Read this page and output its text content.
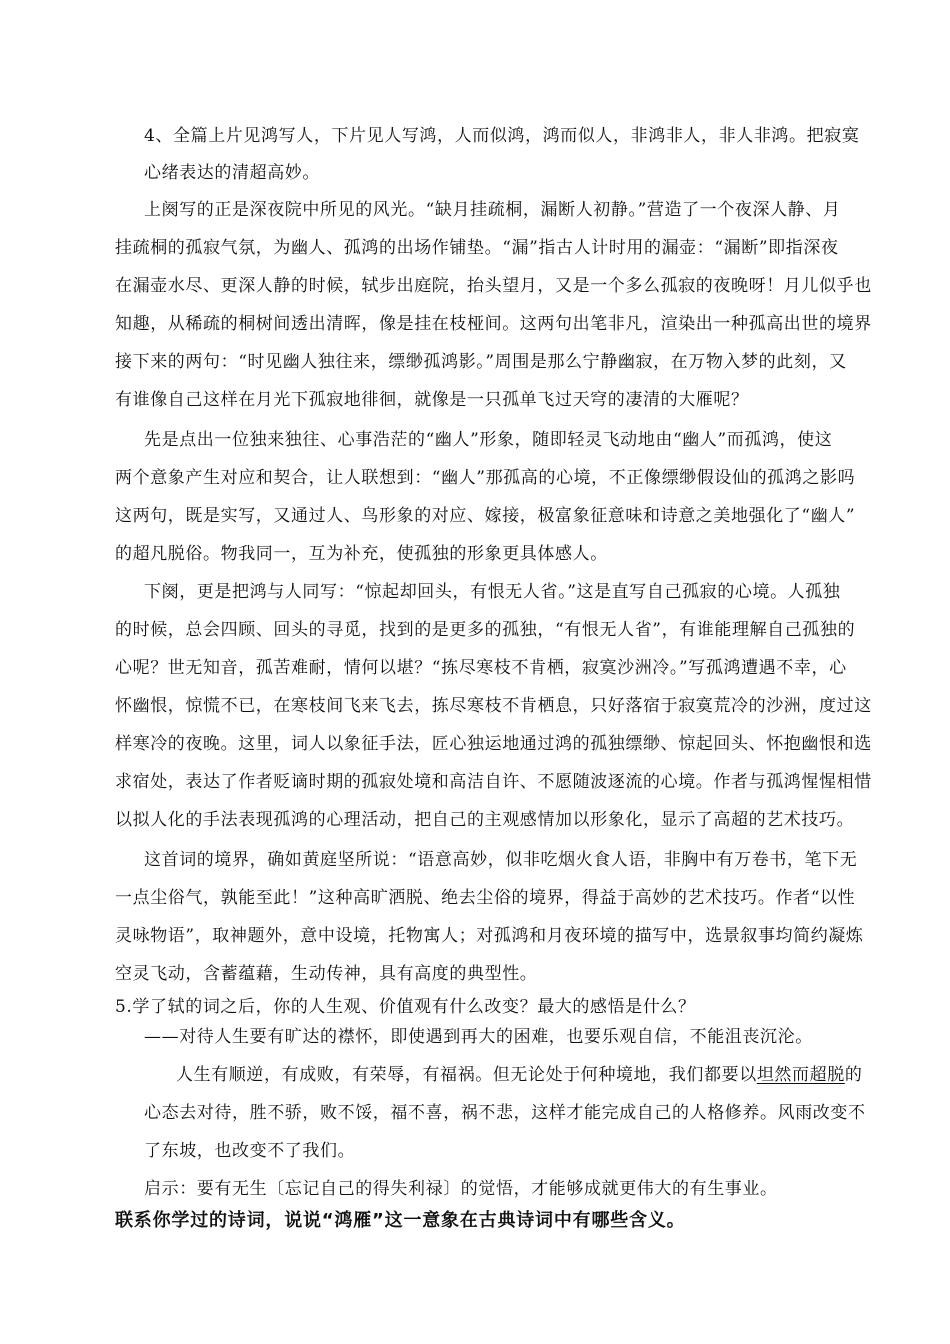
4、全篇上片见鸿写人，下片见人写鸿，人而似鸿，鸿而似人，非鸿非人，非人非鸿。把寂寞
心绪表达的清超高妙。
上阕写的正是深夜院中所见的风光。“缺月挂疏桐，漏断人初静。”营造了一个夜深人静、月
挂疏桐的孤寂气氛，为幽人、孤鸿的出场作铺垫。“漏”指古人计时用的漏壶：“漏断”即指深夜
在漏壶水尽、更深人静的时候，轼步出庭院，抬头望月，又是一个多么孤寂的夜晚呀！月儿似乎也
知趣，从稀疏的桐树间透出清晖，像是挂在枝桠间。这两句出笔非凡，渲染出一种孤高出世的境界
接下来的两句：“时见幽人独往来，缥缈孤鸿影。”周围是那么宁静幽寂，在万物入梦的此刻，又
有谁像自己这样在月光下孤寂地徘徊，就像是一只孤单飞过天穹的凄清的大雁呢？
先是点出一位独来独往、心事浩茫的“幽人”形象，随即轻灵飞动地由“幽人”而孤鸿，使这
两个意象产生对应和契合，让人联想到：“幽人”那孤高的心境，不正像缥缈假设仙的孤鸿之影吗
这两句，既是实写，又通过人、鸟形象的对应、嫁接，极富象征意味和诗意之美地强化了“幽人”
的超凡脱俗。物我同一，互为补充，使孤独的形象更具体感人。
下阕，更是把鸿与人同写：“惊起却回头，有恨无人省。”这是直写自己孤寂的心境。人孤独
的时候，总会四顾、回头的寻觅，找到的是更多的孤独，“有恨无人省”，有谁能理解自己孤独的
心呢？世无知音，孤苦难耐，情何以堪？“拣尽寒枝不肯栖，寂寞沙洲冷。”写孤鸿遭遇不幸，心
怀幽恨，惊慌不已，在寒枝间飞来飞去，拣尽寒枝不肯栖息，只好落宿于寂寞荒冷的沙洲，度过这
样寒冷的夜晚。这里，词人以象征手法，匠心独运地通过鸿的孤独缥缈、惊起回头、怀抱幽恨和选
求宿处，表达了作者贬谪时期的孤寂处境和高洁自许、不愿随波逐流的心境。作者与孤鸿惺惺相惜
以拟人化的手法表现孤鸿的心理活动，把自己的主观感情加以形象化，显示了高超的艺术技巧。
这首词的境界，确如黄庭坚所说：“语意高妙，似非吃烟火食人语，非胸中有万卷书，笔下无
一点尘俗气，孰能至此！”这种高旷洒脱、绝去尘俗的境界，得益于高妙的艺术技巧。作者“以性
灵咏物语”，取神题外，意中设境，托物寓人；对孤鸿和月夜环境的描写中，选景叙事均简约凝炼
空灵飞动，含蓄蕴藉，生动传神，具有高度的典型性。
5.学了轼的词之后，你的人生观、价值观有什么改变？最大的感悟是什么？
——对待人生要有旷达的襟怀，即使遇到再大的困难，也要乐观自信，不能沮丧沉沦。
人生有顺逆，有成败，有荣辱，有福祸。但无论处于何种境地，我们都要以坦然而超脱的
心态去对待，胜不骄，败不馁，福不喜，祸不悲，这样才能完成自己的人格修养。风雨改变不
了东坡，也改变不了我们。
启示：要有无生〔忘记自己的得失利禄〕的觉悟，才能够成就更伟大的有生事业。
联系你学过的诗词，说说“鸿雁”这一意象在古典诗词中有哪些含义。
